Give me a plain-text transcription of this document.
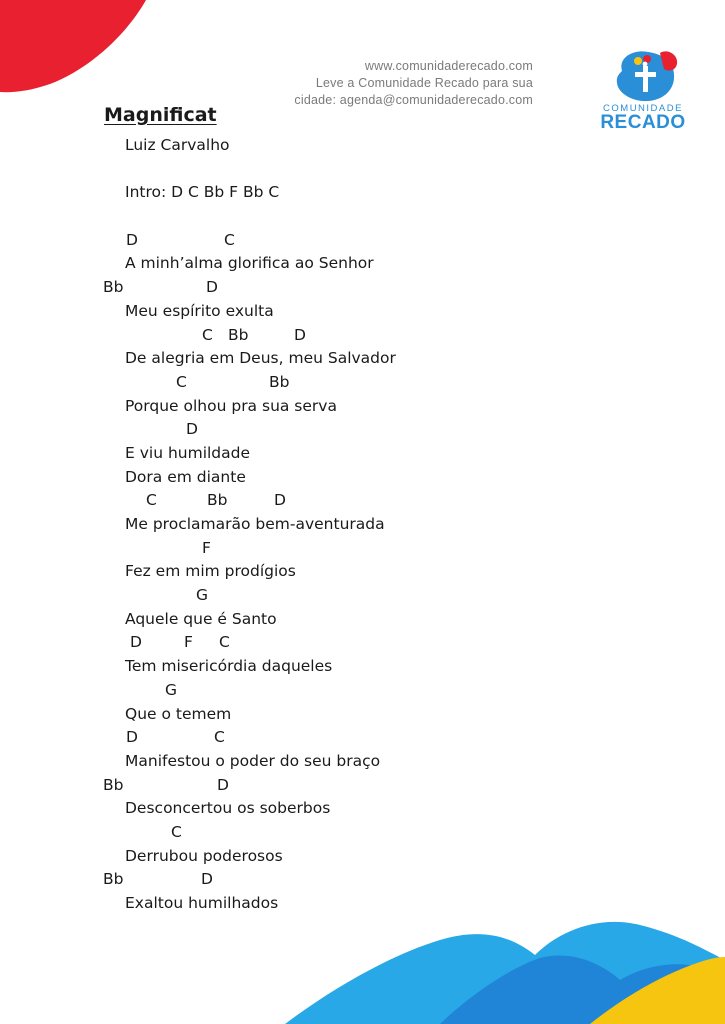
www.comunidaderecado.com
Leve a Comunidade Recado para sua
cidade: agenda@comunidaderecado.com
COMUNIDADE
RECADO
Magnificat
Luiz Carvalho
Intro: D C Bb F Bb C
D	C
A minh’alma glorifica ao Senhor
Bb	D
Meu espírito exulta
C Bb	D
De alegria em Deus, meu Salvador
C	Bb
Porque olhou pra sua serva
D
E viu humildade
Dora em diante
C	Bb	D
Me proclamarão bem-aventurada
F
Fez em mim prodígios
G
Aquele que é Santo
D	F C
Tem misericórdia daqueles
G
Que o temem
D	C
Manifestou o poder do seu braço
Bb	D
Desconcertou os soberbos
C
Derrubou poderosos
Bb	D
Exaltou humilhados
